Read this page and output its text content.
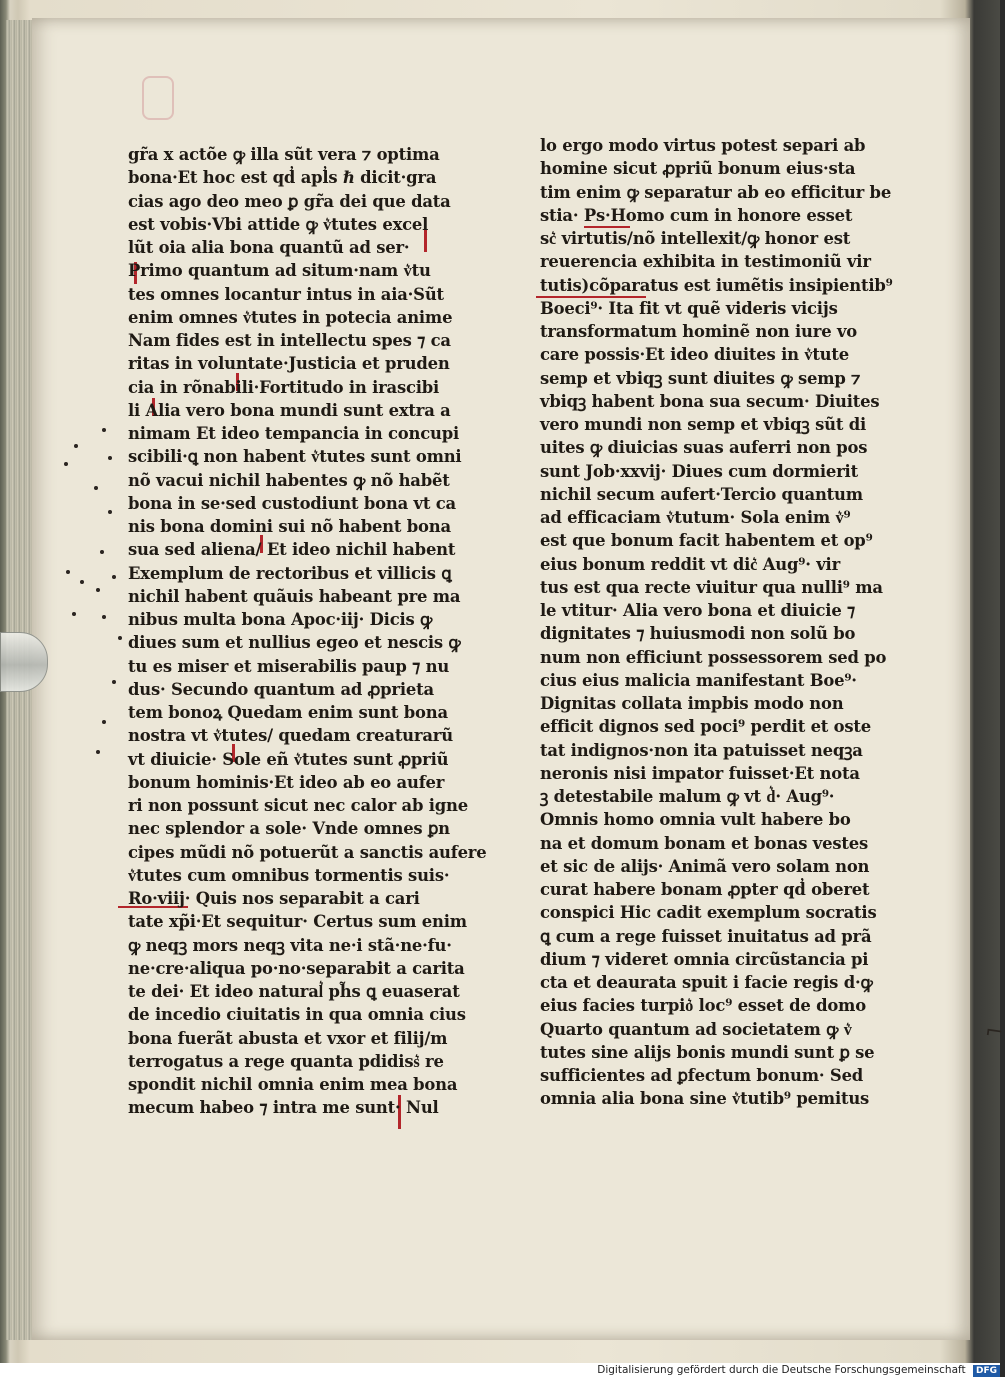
gr̃a x actõe ꝙ illa sũt vera ⁊ optima
bona·Et hoc est qd̓ apl̓s ℏ dicit·gra
cias ago deo meo ꝑ gr̃a dei que data
est vobis·Vbi attide ꝙ v͛tutes excel
lũt oia alia bona quantũ ad ser·
Primo quantum ad situm·nam v͛tu
tes omnes locantur intus in aia·Sũt
enim omnes v͛tutes in potecia anime
Nam fides est in intellectu spes ⁊ ca
ritas in voluntate·Justicia et pruden
cia in rõnabili·Fortitudo in irascibi
li Alia vero bona mundi sunt extra a
nimam Et ideo tempancia in concupi
scibili·ꝗ non habent v͛tutes sunt omni
nõ vacui nichil habentes ꝙ nõ habẽt
bona in se·sed custodiunt bona vt ca
nis bona domini sui nõ habent bona
sua sed aliena/ Et ideo nichil habent
Exemplum de rectoribus et villicis ꝗ
nichil habent quãuis habeant pre ma
nibus multa bona Apoc·iij· Dicis ꝙ
diues sum et nullius egeo et nescis ꝙ
tu es miser et miserabilis paup ⁊ nu
dus· Secundo quantum ad ꝓprieta
tem bonoꝝ Quedam enim sunt bona
nostra vt v͛tutes/ quedam creaturarũ
vt diuicie· Sole eñ v͛tutes sunt ꝓpriũ
bonum hominis·Et ideo ab eo aufer
ri non possunt sicut nec calor ab igne
nec splendor a sole· Vnde omnes ꝑn
cipes mũdi nõ potuerũt a sanctis aufere
v͛tutes cum omnibus tormentis suis·
Ro·viij· Quis nos separabit a cari
tate xp̃i·Et sequitur· Certus sum enim
ꝙ neqꝫ mors neqꝫ vita ne·i stã·ne·fu·
ne·cre·aliqua po·no·separabit a carita
te dei· Et ideo natural͛ ph̃s ꝗ euaserat
de incedio ciuitatis in qua omnia cius
bona fuerãt abusta et vxor et filij/m
terrogatus a rege quanta pdidiss͛ re
spondit nichil omnia enim mea bona
mecum habeo ⁊ intra me sunt· Nul
lo ergo modo virtus potest separi ab
homine sicut ꝓpriũ bonum eius·sta
tim enim ꝙ separatur ab eo efficitur be
stia· Ps·Homo cum in honore esset
sc͛ virtutis/nõ intellexit/ꝙ honor est
reuerencia exhibita in testimoniũ vir
tutis)cõparatus est iumẽtis insipientib⁹
Boeci⁹· Ita fit vt quẽ videris vicijs
transformatum hominẽ non iure vo
care possis·Et ideo diuites in v͛tute
semp et vbiqꝫ sunt diuites ꝙ semp ⁊
vbiqꝫ habent bona sua secum· Diuites
vero mundi non semp et vbiqꝫ sũt di
uites ꝙ diuicias suas auferri non pos
sunt Job·xxvij· Diues cum dormierit
nichil secum aufert·Tercio quantum
ad efficaciam v͛tutum· Sola enim v͛⁹
est que bonum facit habentem et op⁹
eius bonum reddit vt dic͛ Aug⁹· vir
tus est qua recte viuitur qua nulli⁹ ma
le vtitur· Alia vero bona et diuicie ⁊
dignitates ⁊ huiusmodi non solũ bo
num non efficiunt possessorem sed po
cius eius malicia manifestant Boe⁹·
Dignitas collata impbis modo non
efficit dignos sed poci⁹ perdit et oste
tat indignos·non ita patuisset neqꝫa
neronis nisi impator fuisset·Et nota
ꝫ detestabile malum ꝙ vt d͛· Aug⁹·
Omnis homo omnia vult habere bo
na et domum bonam et bonas vestes
et sic de alijs· Animã vero solam non
curat habere bonam ꝓpter qd̓ oberet
conspici Hic cadit exemplum socratis
ꝗ cum a rege fuisset inuitatus ad prã
dium ⁊ videret omnia circũstancia pi
cta et deaurata spuit i facie regis d·ꝙ
eius facies turpio͛ loc⁹ esset de domo
Quarto quantum ad societatem ꝙ v͛
tutes sine alijs bonis mundi sunt ꝑ se
sufficientes ad ꝑfectum bonum· Sed
omnia alia bona sine v͛tutib⁹ pemitus
⌐
Digitalisierung gefördert durch die Deutsche Forschungsgemeinschaft DFG
